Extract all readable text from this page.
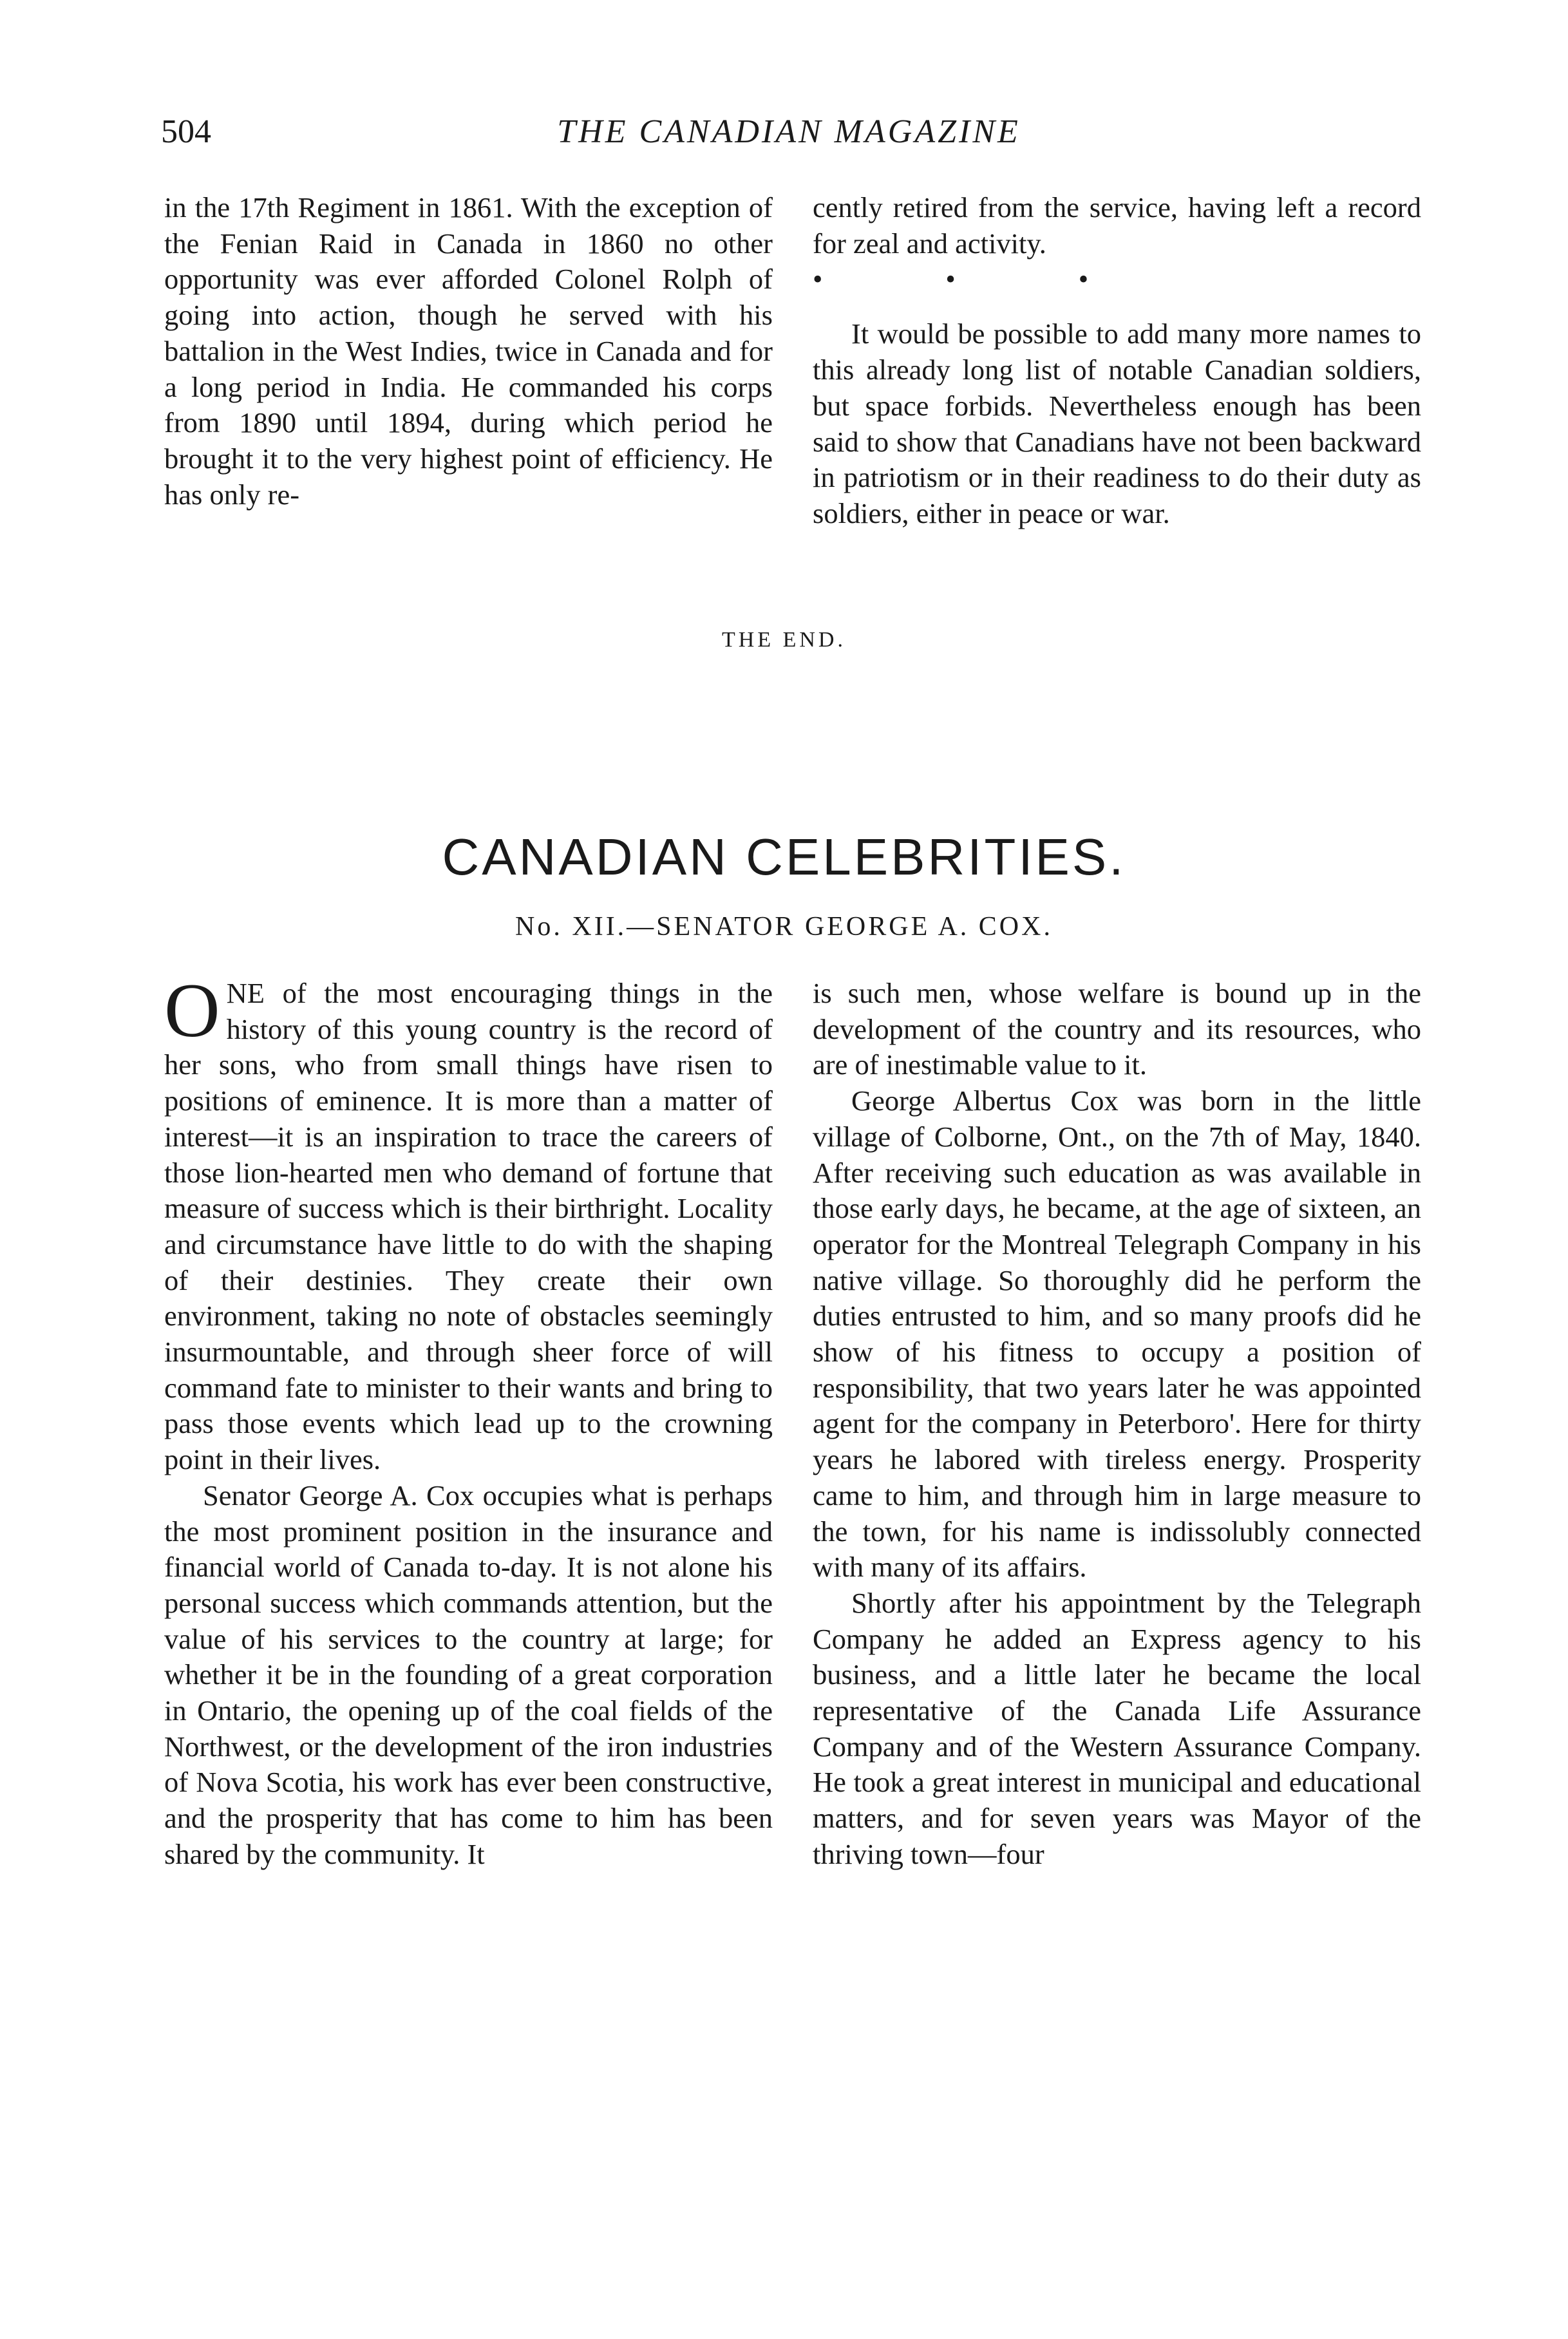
504	THE CANADIAN MAGAZINE

in the 17th Regiment in 1861. With the exception of the Fenian Raid in Canada in 1860 no other opportunity was ever afforded Colonel Rolph of going into action, though he served with his battalion in the West Indies, twice in Canada and for a long period in India. He commanded his corps from 1890 until 1894, during which period he brought it to the very highest point of efficiency. He has only re-

cently retired from the service, having left a record for zeal and activity.

• • •

It would be possible to add many more names to this already long list of notable Canadian soldiers, but space forbids. Nevertheless enough has been said to show that Canadians have not been backward in patriotism or in their readiness to do their duty as soldiers, either in peace or war.

THE END.
CANADIAN CELEBRITIES.
No. XII.—SENATOR GEORGE A. COX.

ONE of the most encouraging things in the history of this young country is the record of her sons, who from small things have risen to positions of eminence. It is more than a matter of interest—it is an inspiration to trace the careers of those lion-hearted men who demand of fortune that measure of success which is their birthright. Locality and circumstance have little to do with the shaping of their destinies. They create their own environment, taking no note of obstacles seemingly insurmountable, and through sheer force of will command fate to minister to their wants and bring to pass those events which lead up to the crowning point in their lives.

Senator George A. Cox occupies what is perhaps the most prominent position in the insurance and financial world of Canada to-day. It is not alone his personal success which commands attention, but the value of his services to the country at large; for whether it be in the founding of a great corporation in Ontario, the opening up of the coal fields of the Northwest, or the development of the iron industries of Nova Scotia, his work has ever been constructive, and the prosperity that has come to him has been shared by the community. It

is such men, whose welfare is bound up in the development of the country and its resources, who are of inestimable value to it.

George Albertus Cox was born in the little village of Colborne, Ont., on the 7th of May, 1840. After receiving such education as was available in those early days, he became, at the age of sixteen, an operator for the Montreal Telegraph Company in his native village. So thoroughly did he perform the duties entrusted to him, and so many proofs did he show of his fitness to occupy a position of responsibility, that two years later he was appointed agent for the company in Peterboro'. Here for thirty years he labored with tireless energy. Prosperity came to him, and through him in large measure to the town, for his name is indissolubly connected with many of its affairs.

Shortly after his appointment by the Telegraph Company he added an Express agency to his business, and a little later he became the local representative of the Canada Life Assurance Company and of the Western Assurance Company. He took a great interest in municipal and educational matters, and for seven years was Mayor of the thriving town—four
